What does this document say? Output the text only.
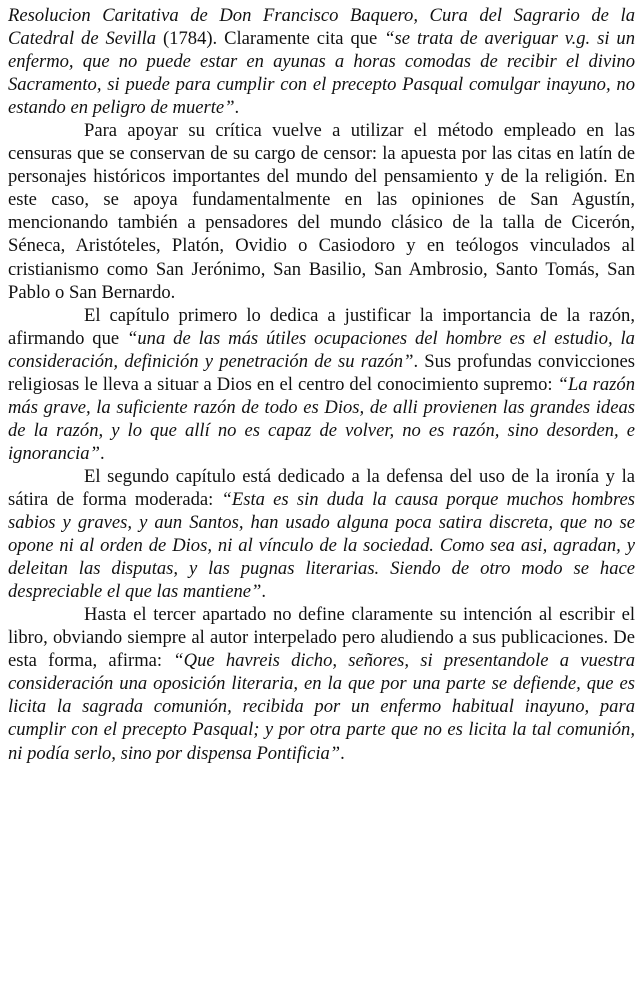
Resolucion Caritativa de Don Francisco Baquero, Cura del Sagrario de la Catedral de Sevilla (1784). Claramente cita que “se trata de averiguar v.g. si un enfermo, que no puede estar en ayunas a horas comodas de recibir el divino Sacramento, si puede para cumplir con el precepto Pasqual comulgar inayuno, no estando en peligro de muerte”.

Para apoyar su crítica vuelve a utilizar el método empleado en las censuras que se conservan de su cargo de censor: la apuesta por las citas en latín de personajes históricos importantes del mundo del pensamiento y de la religión. En este caso, se apoya fundamentalmente en las opiniones de San Agustín, mencionando también a pensadores del mundo clásico de la talla de Cicerón, Séneca, Aristóteles, Platón, Ovidio o Casiodoro y en teólogos vinculados al cristianismo como San Jerónimo, San Basilio, San Ambrosio, Santo Tomás, San Pablo o San Bernardo.

El capítulo primero lo dedica a justificar la importancia de la razón, afirmando que “una de las más útiles ocupaciones del hombre es el estudio, la consideración, definición y penetración de su razón”. Sus profundas convicciones religiosas le lleva a situar a Dios en el centro del conocimiento supremo: “La razón más grave, la suficiente razón de todo es Dios, de alli provienen las grandes ideas de la razón, y lo que allí no es capaz de volver, no es razón, sino desorden, e ignorancia”.

El segundo capítulo está dedicado a la defensa del uso de la ironía y la sátira de forma moderada: “Esta es sin duda la causa porque muchos hombres sabios y graves, y aun Santos, han usado alguna poca satira discreta, que no se opone ni al orden de Dios, ni al vínculo de la sociedad. Como sea asi, agradan, y deleitan las disputas, y las pugnas literarias. Siendo de otro modo se hace despreciable el que las mantiene”.

Hasta el tercer apartado no define claramente su intención al escribir el libro, obviando siempre al autor interpelado pero aludiendo a sus publicaciones. De esta forma, afirma: “Que havreis dicho, señores, si presentandole a vuestra consideración una oposición literaria, en la que por una parte se defiende, que es licita la sagrada comunión, recibida por un enfermo habitual inayuno, para cumplir con el precepto Pasqual; y por otra parte que no es licita la tal comunión, ni podía serlo, sino por dispensa Pontificia”.
